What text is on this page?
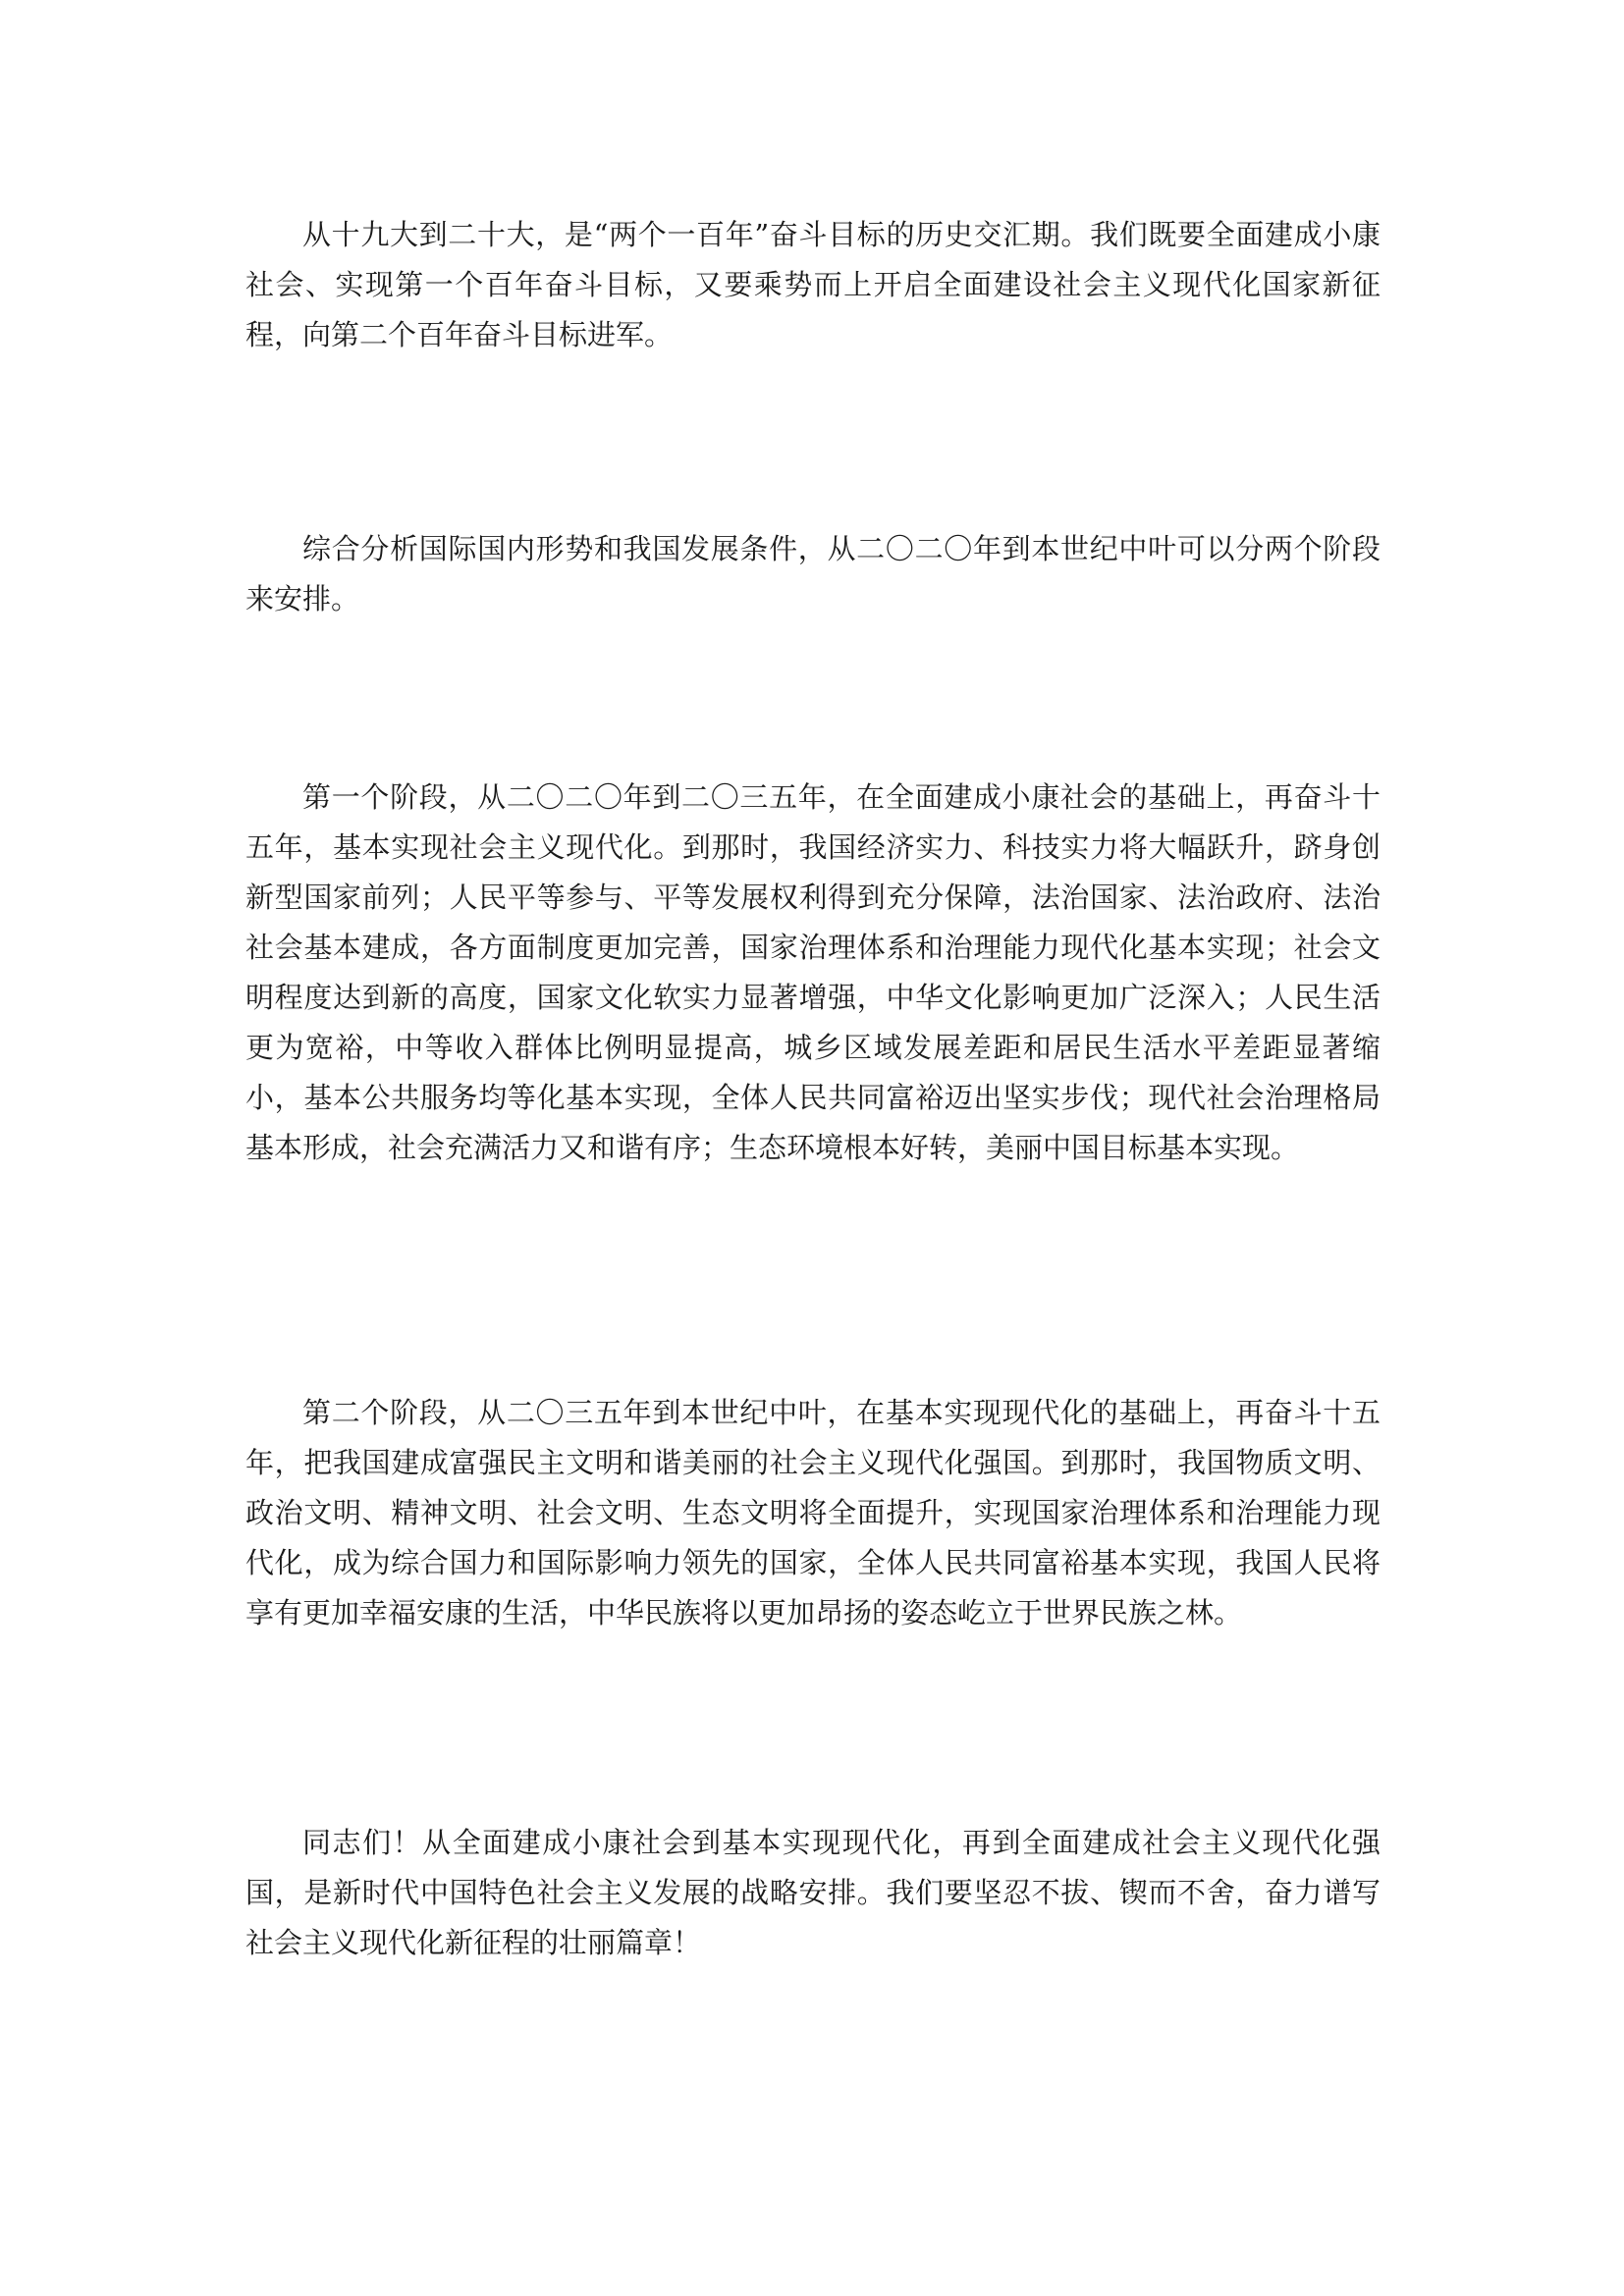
从十九大到二十大，是“两个一百年”奋斗目标的历史交汇期。我们既要全面建成小康社会、实现第一个百年奋斗目标，又要乘势而上开启全面建设社会主义现代化国家新征程，向第二个百年奋斗目标进军。

综合分析国际国内形势和我国发展条件，从二〇二〇年到本世纪中叶可以分两个阶段来安排。

第一个阶段，从二〇二〇年到二〇三五年，在全面建成小康社会的基础上，再奋斗十五年，基本实现社会主义现代化。到那时，我国经济实力、科技实力将大幅跃升，跻身创新型国家前列；人民平等参与、平等发展权利得到充分保障，法治国家、法治政府、法治社会基本建成，各方面制度更加完善，国家治理体系和治理能力现代化基本实现；社会文明程度达到新的高度，国家文化软实力显著增强，中华文化影响更加广泛深入；人民生活更为宽裕，中等收入群体比例明显提高，城乡区域发展差距和居民生活水平差距显著缩小，基本公共服务均等化基本实现，全体人民共同富裕迈出坚实步伐；现代社会治理格局基本形成，社会充满活力又和谐有序；生态环境根本好转，美丽中国目标基本实现。

第二个阶段，从二〇三五年到本世纪中叶，在基本实现现代化的基础上，再奋斗十五年，把我国建成富强民主文明和谐美丽的社会主义现代化强国。到那时，我国物质文明、政治文明、精神文明、社会文明、生态文明将全面提升，实现国家治理体系和治理能力现代化，成为综合国力和国际影响力领先的国家，全体人民共同富裕基本实现，我国人民将享有更加幸福安康的生活，中华民族将以更加昂扬的姿态屹立于世界民族之林。

同志们！从全面建成小康社会到基本实现现代化，再到全面建成社会主义现代化强国，是新时代中国特色社会主义发展的战略安排。我们要坚忍不拔、锲而不舍，奋力谱写社会主义现代化新征程的壮丽篇章！
